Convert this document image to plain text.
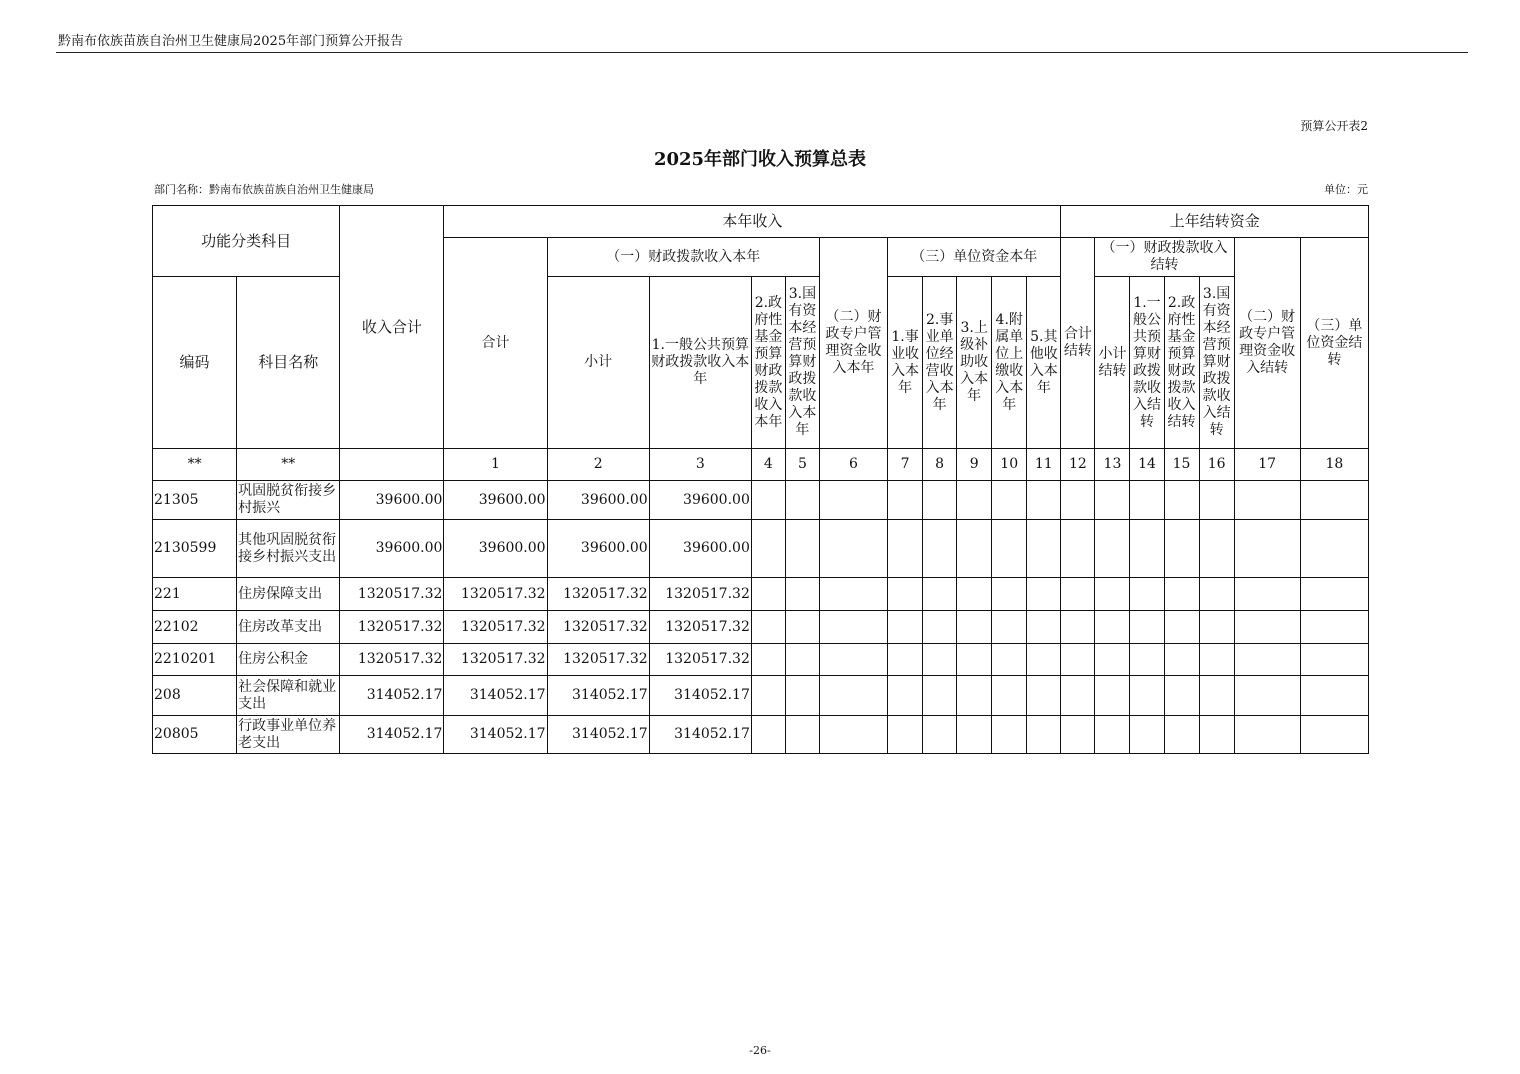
黔南布依族苗族自治州卫生健康局2025年部门预算公开报告
预算公开表2
2025年部门收入预算总表
部门名称：黔南布依族苗族自治州卫生健康局	单位：元
功能分类科目		收入合计	本年收入											上年结转资金						
			合计	（一）财政拨款收入本年				（二）财政专户管理资金收入本年	（三）单位资金本年					合计结转	（一）财政拨款收入结转				（二）财政专户管理资金收入结转	（三）单位资金结转
编码	科目名称			小计	1.一般公共预算财政拨款收入本年	2.政府性基金预算财政拨款收入本年	3.国有资本经营预算财政拨款收入本年		1.事业收入本年	2.事业单位经营收入本年	3.上级补助收入本年	4.附属单位上缴收入本年	5.其他收入本年		小计结转	1.一般公共预算财政拨款收入结转	2.政府性基金预算财政拨款收入结转	3.国有资本经营预算财政拨款收入结转		
**	**		1	2	3	4	5	6	7	8	9	10	11	12	13	14	15	16	17	18
21305	巩固脱贫衔接乡村振兴	39600.00	39600.00	39600.00	39600.00															
2130599	其他巩固脱贫衔接乡村振兴支出	39600.00	39600.00	39600.00	39600.00															
221	住房保障支出	1320517.32	1320517.32	1320517.32	1320517.32															
22102	住房改革支出	1320517.32	1320517.32	1320517.32	1320517.32															
2210201	住房公积金	1320517.32	1320517.32	1320517.32	1320517.32															
208	社会保障和就业支出	314052.17	314052.17	314052.17	314052.17															
20805	行政事业单位养老支出	314052.17	314052.17	314052.17	314052.17															
-26-
